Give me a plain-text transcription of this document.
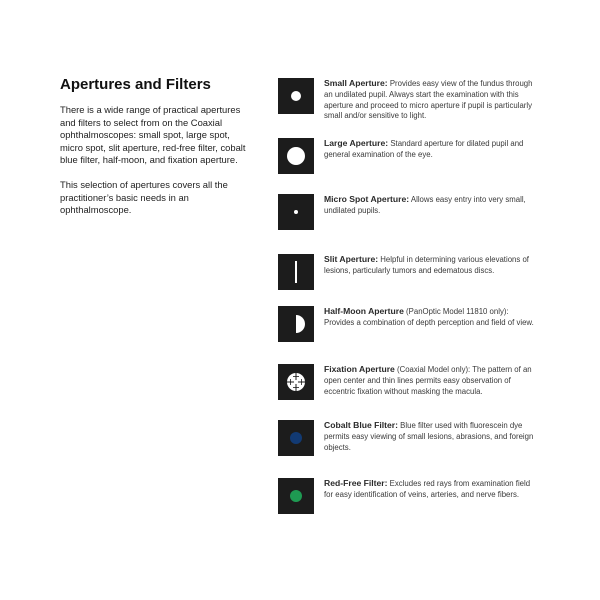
Apertures and Filters

There is a wide range of practical apertures and filters to select from on the Coaxial ophthalmoscopes: small spot, large spot, micro spot, slit aperture, red-free filter, cobalt blue filter, half-moon, and fixation aperture.

This selection of apertures covers all the practitioner’s basic needs in an ophthalmoscope.

Small Aperture: Provides easy view of the fundus through an undilated pupil. Always start the examination with this aperture and proceed to micro aperture if pupil is particularly small and/or sensitive to light.
Large Aperture: Standard aperture for dilated pupil and general examination of the eye.
Micro Spot Aperture: Allows easy entry into very small, undilated pupils.
Slit Aperture: Helpful in determining various elevations of lesions, particularly tumors and edematous discs.
Half-Moon Aperture (PanOptic Model 11810 only): Provides a combination of depth perception and field of view.
Fixation Aperture (Coaxial Model only): The pattern of an open center and thin lines permits easy observation of eccentric fixation without masking the macula.
Cobalt Blue Filter: Blue filter used with fluorescein dye permits easy viewing of small lesions, abrasions, and foreign objects.
Red-Free Filter: Excludes red rays from examination field for easy identification of veins, arteries, and nerve fibers.
